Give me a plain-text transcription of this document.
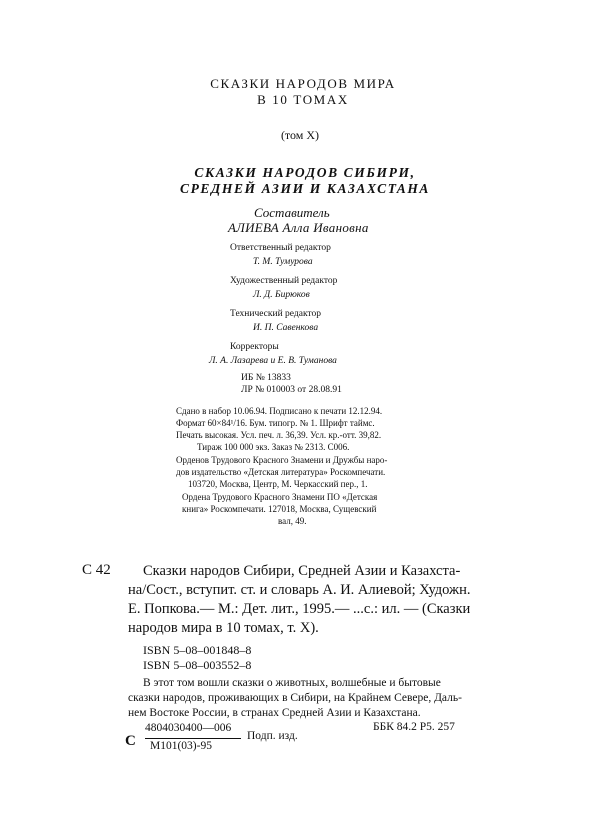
СКАЗКИ НАРОДОВ МИРА
В 10 ТОМАХ
(том X)
СКАЗКИ НАРОДОВ СИБИРИ,
СРЕДНЕЙ АЗИИ И КАЗАХСТАНА
Составитель
АЛИЕВА Алла Ивановна
Ответственный редактор
Т. М. Тумурова
Художественный редактор
Л. Д. Бирюков
Технический редактор
И. П. Савенкова
Корректоры
Л. А. Лазарева и Е. В. Туманова
ИБ № 13833
ЛР № 010003 от 28.08.91
Сдано в набор 10.06.94. Подписано к печати 12.12.94.
Формат 60×84¹/16. Бум. типогр. № 1. Шрифт таймс.
Печать высокая. Усл. печ. л. 36,39. Усл. кр.-отт. 39,82.
Тираж 100 000 экз. Заказ № 2313. С006.
Орденов Трудового Красного Знамени и Дружбы наро-
дов издательство «Детская литература» Роскомпечати.
103720, Москва, Центр, М. Черкасский пер., 1.
Ордена Трудового Красного Знамени ПО «Детская
книга» Роскомпечати. 127018, Москва, Сущевский
вал, 49.
С 42 Сказки народов Сибири, Средней Азии и Казахста-
на/Сост., вступит. ст. и словарь А. И. Алиевой; Художн.
Е. Попкова.— М.: Дет. лит., 1995.— ...с.: ил. — (Сказки
народов мира в 10 томах, т. Х).
ISBN 5–08–001848–8
ISBN 5–08–003552–8
В этот том вошли сказки о животных, волшебные и бытовые
сказки народов, проживающих в Сибири, на Крайнем Севере, Даль-
нем Востоке России, в странах Средней Азии и Казахстана.
С
4804030400—006
М101(03)-95
Подп. изд.
ББК 84.2 Р5. 257
